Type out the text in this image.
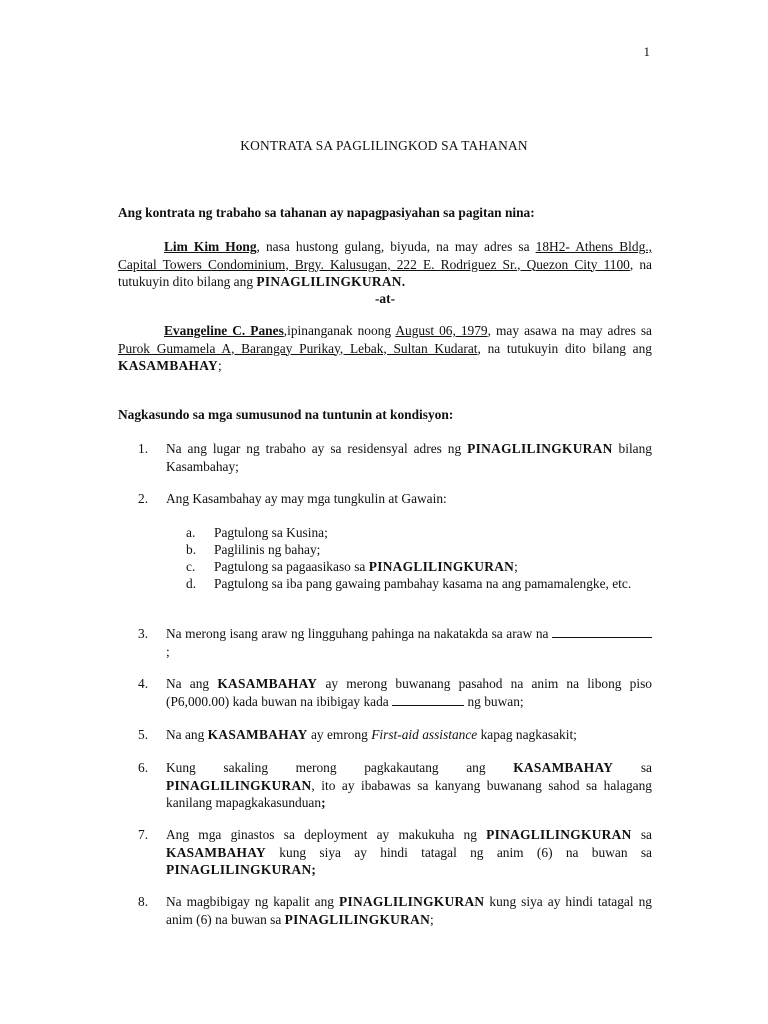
1
KONTRATA SA PAGLILINGKOD SA TAHANAN
Ang kontrata ng trabaho sa tahanan ay napagpasiyahan sa pagitan nina:
Lim Kim Hong, nasa hustong gulang, biyuda, na may adres sa 18H2- Athens Bldg., Capital Towers Condominium, Brgy. Kalusugan, 222 E. Rodriguez Sr., Quezon City 1100, na tutukuyin dito bilang ang PINAGLILINGKURAN.
-at-
Evangeline C. Panes,ipinanganak noong August 06, 1979, may asawa na may adres sa Purok Gumamela A, Barangay Purikay, Lebak, Sultan Kudarat, na tutukuyin dito bilang ang KASAMBAHAY;
Nagkasundo sa mga sumusunod na tuntunin at kondisyon:
1. Na ang lugar ng trabaho ay sa residensyal adres ng PINAGLILINGKURAN bilang Kasambahay;
2. Ang Kasambahay ay may mga tungkulin at Gawain:
a. Pagtulong sa Kusina;
b. Paglilinis ng bahay;
c. Pagtulong sa pagaasikaso sa PINAGLILINGKURAN;
d. Pagtulong sa iba pang gawaing pambahay kasama na ang pamamalengke, etc.
3. Na merong isang araw ng lingguhang pahinga na nakatakda sa araw na ;
4. Na ang KASAMBAHAY ay merong buwanang pasahod na anim na libong piso (P6,000.00) kada buwan na ibibigay kada	ng buwan;
5. Na ang KASAMBAHAY ay emrong First-aid assistance kapag nagkasakit;
6. Kung sakaling merong pagkakautang ang KASAMBAHAY sa PINAGLILINGKURAN, ito ay ibabawas sa kanyang buwanang sahod sa halagang kanilang mapagkakasunduan;
7. Ang mga ginastos sa deployment ay makukuha ng PINAGLILINGKURAN sa KASAMBAHAY kung siya ay hindi tatagal ng anim (6) na buwan sa PINAGLILINGKURAN;
8. Na magbibigay ng kapalit ang PINAGLILINGKURAN kung siya ay hindi tatagal ng anim (6) na buwan sa PINAGLILINGKURAN;
